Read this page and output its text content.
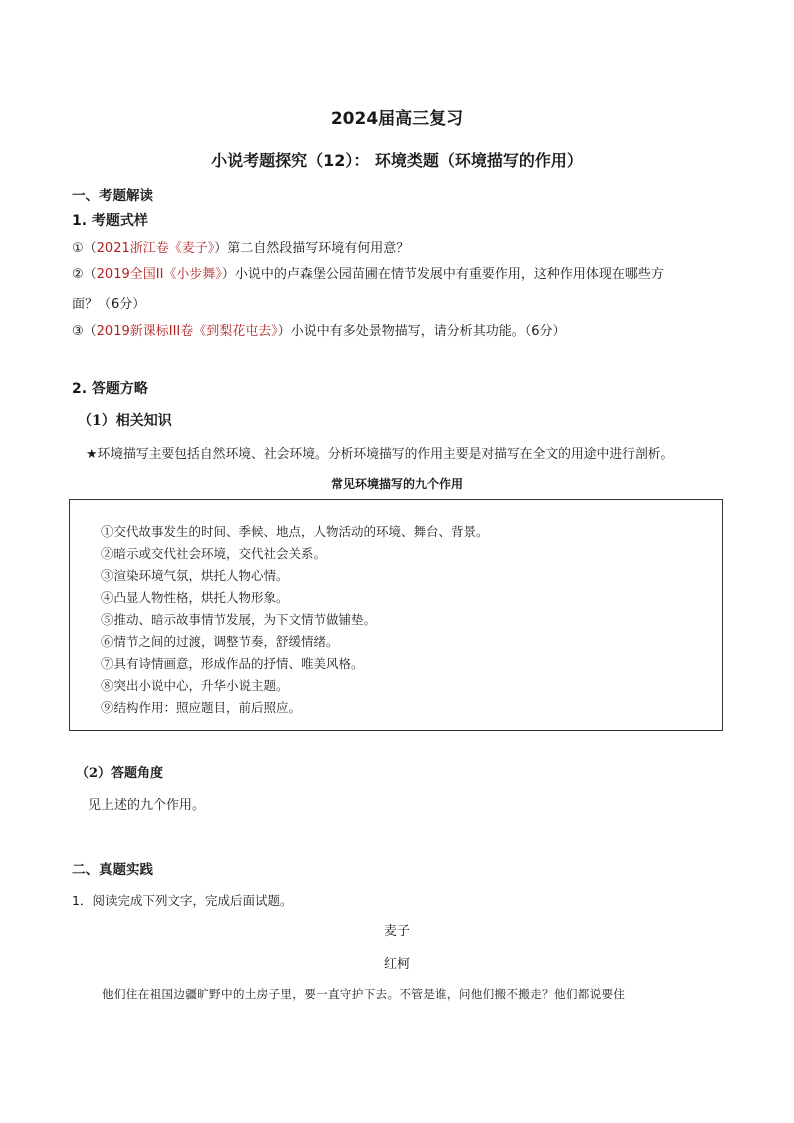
2024届高三复习
小说考题探究（12）： 环境类题（环境描写的作用）
一、考题解读
1. 考题式样
①（2021浙江卷《麦子》）第二自然段描写环境有何用意？
②（2019全国II《小步舞》）小说中的卢森堡公园苗圃在情节发展中有重要作用，这种作用体现在哪些方
面？（6分）
③（2019新课标III卷《到梨花屯去》）小说中有多处景物描写，请分析其功能。（6分）
2. 答题方略
（1）相关知识
★环境描写主要包括自然环境、社会环境。分析环境描写的作用主要是对描写在全文的用途中进行剖析。
常见环境描写的九个作用
①交代故事发生的时间、季候、地点，人物活动的环境、舞台、背景。
②暗示或交代社会环境，交代社会关系。
③渲染环境气氛，烘托人物心情。
④凸显人物性格，烘托人物形象。
⑤推动、暗示故事情节发展，为下文情节做铺垫。
⑥情节之间的过渡，调整节奏，舒缓情绪。
⑦具有诗情画意，形成作品的抒情、唯美风格。
⑧突出小说中心，升华小说主题。
⑨结构作用：照应题目，前后照应。
（2）答题角度
见上述的九个作用。
二、真题实践
1．阅读完成下列文字，完成后面试题。
麦子
红柯
他们住在祖国边疆旷野中的土房子里，要一直守护下去。不管是谁，问他们搬不搬走？他们都说要住
